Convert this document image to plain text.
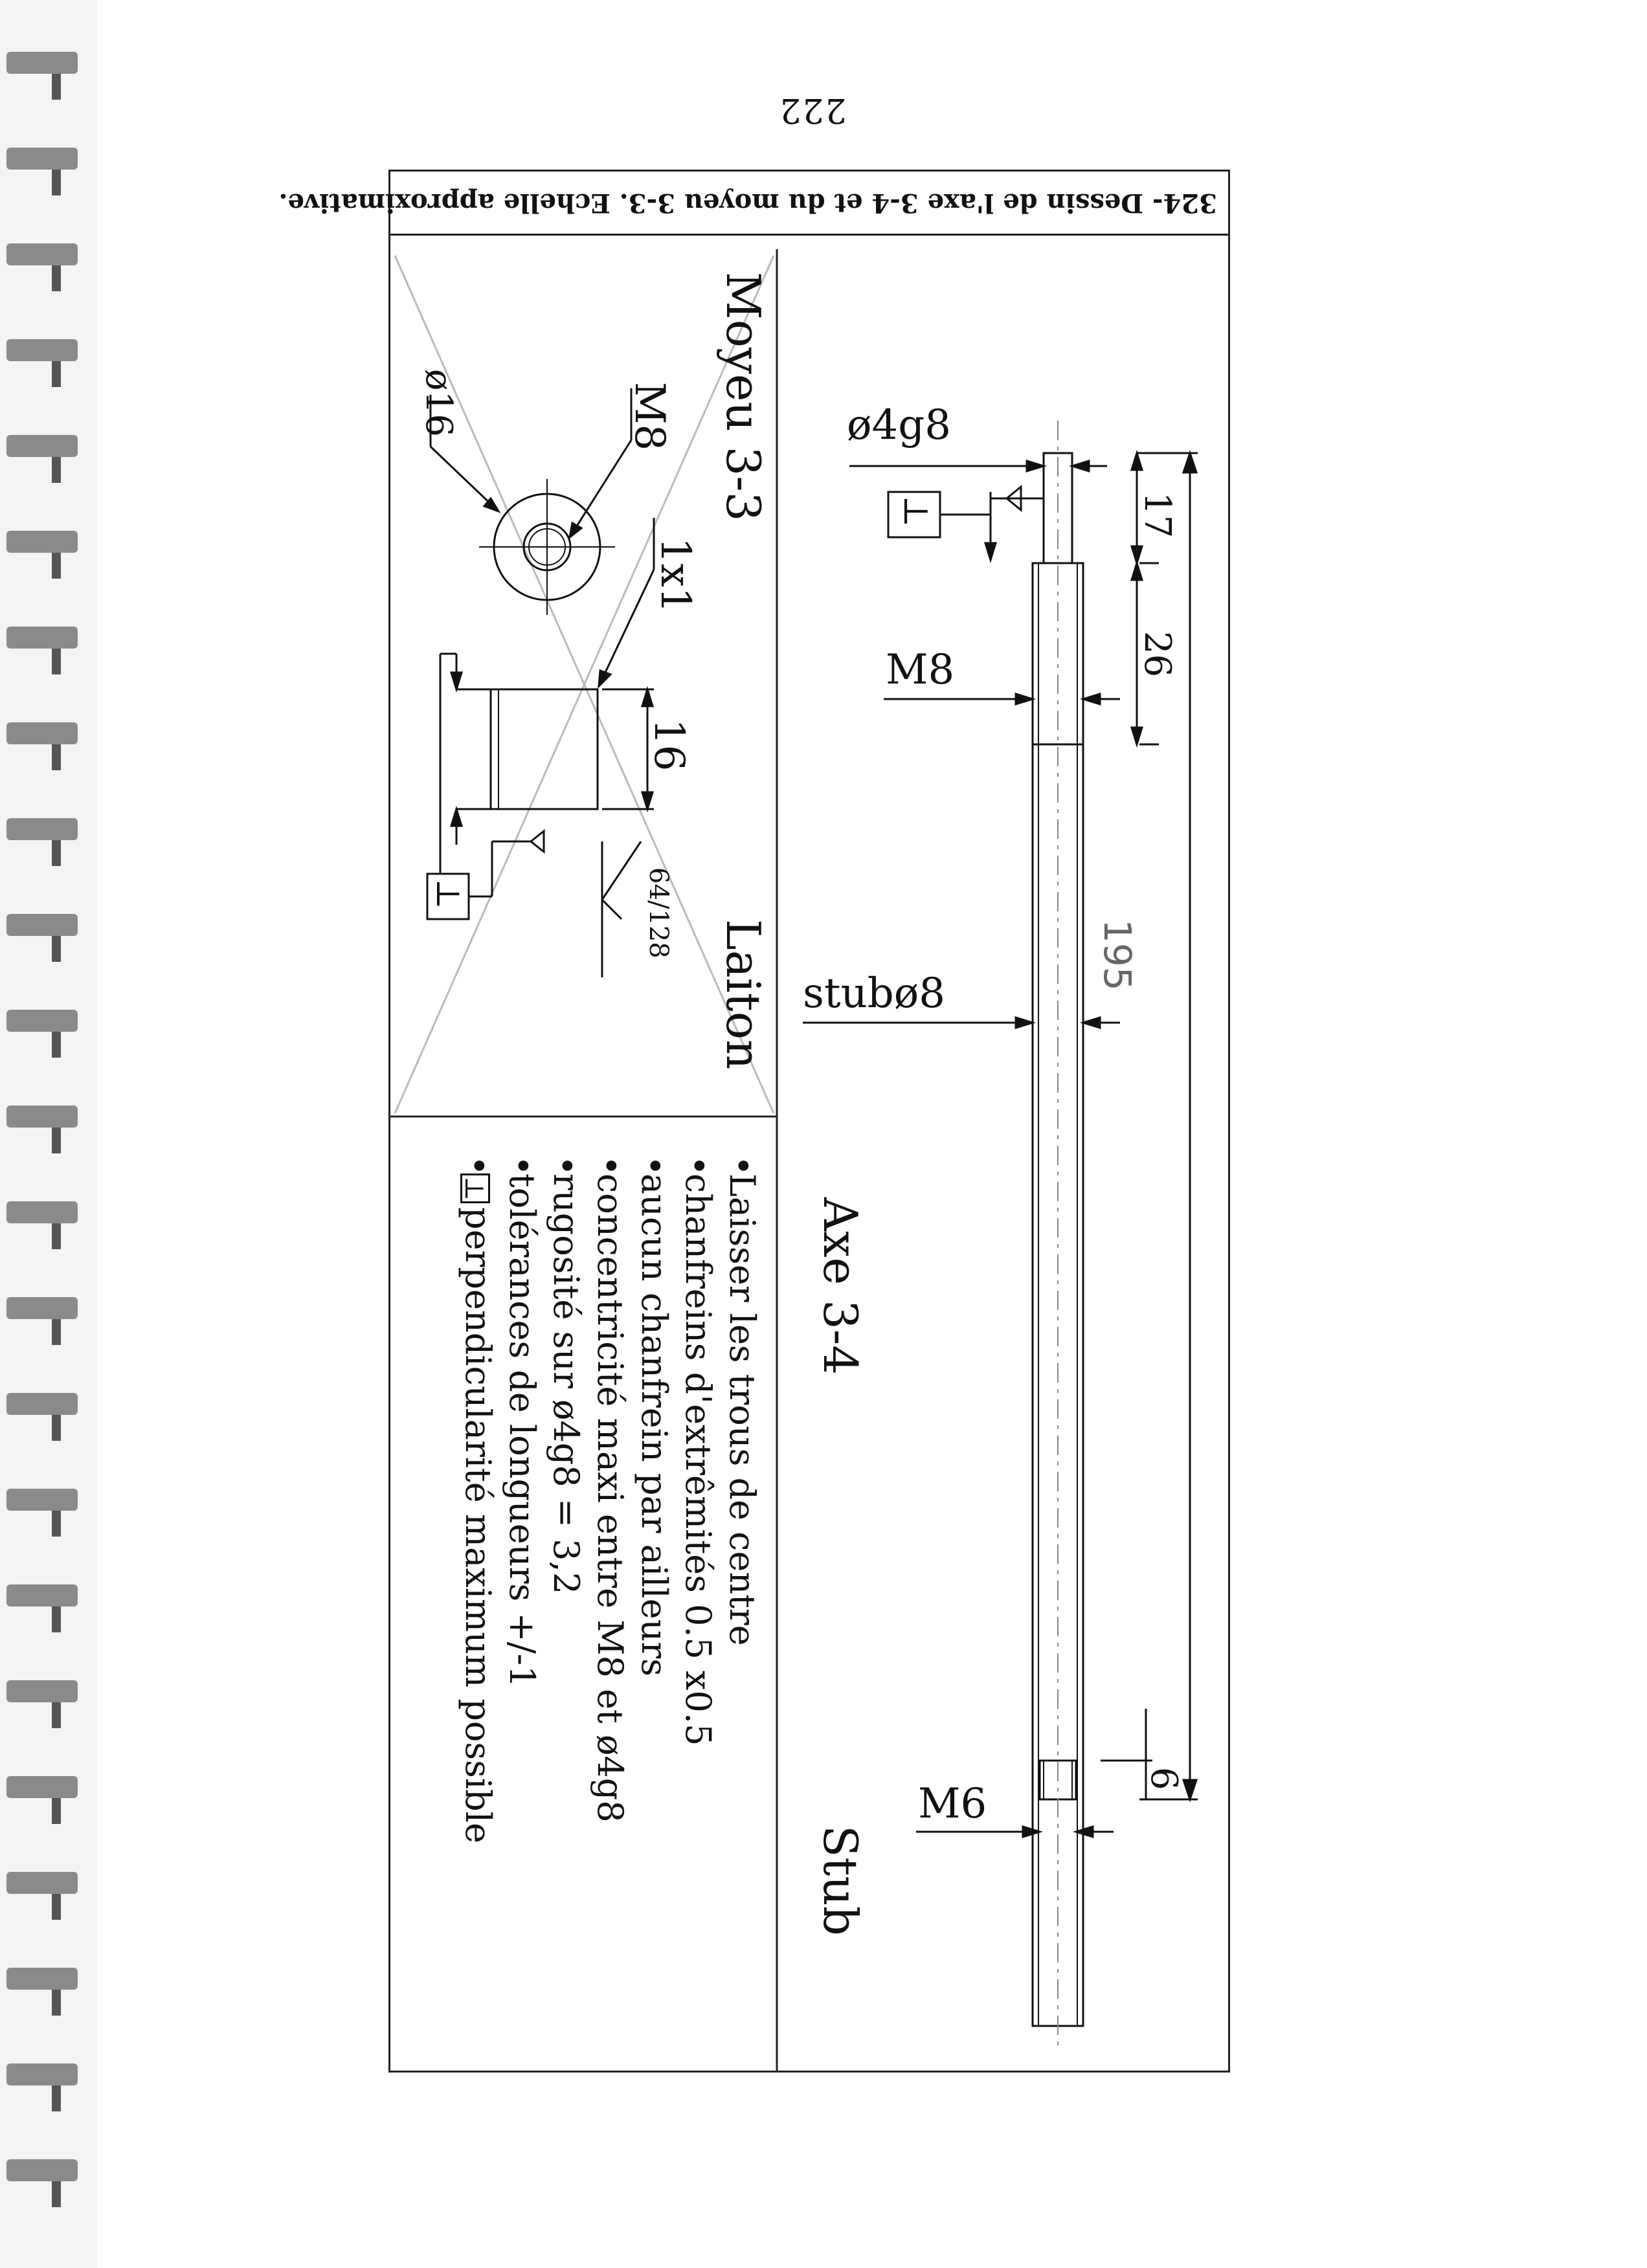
222
324- Dessin de l'axe 3-4 et du moyeu 3-3. Echelle approximative.
ø4g8
M8
stubø8
M6
17
26
6
⊥
Axe 3-4
Stub
195
Moyeu 3-3
Laiton
ø16	M8
1x1
16
64/128
⊥
•Laisser les trous de centre
•chanfreins d'extrêmités 0.5 x0.5
•aucun chanfrein par ailleurs
•concentricité maxi entre M8 et ø4g8
•rugosité sur ø4g8 = 3,2
•tolérances de longueurs +/-1
•⊥perpendicularité maximum possible
